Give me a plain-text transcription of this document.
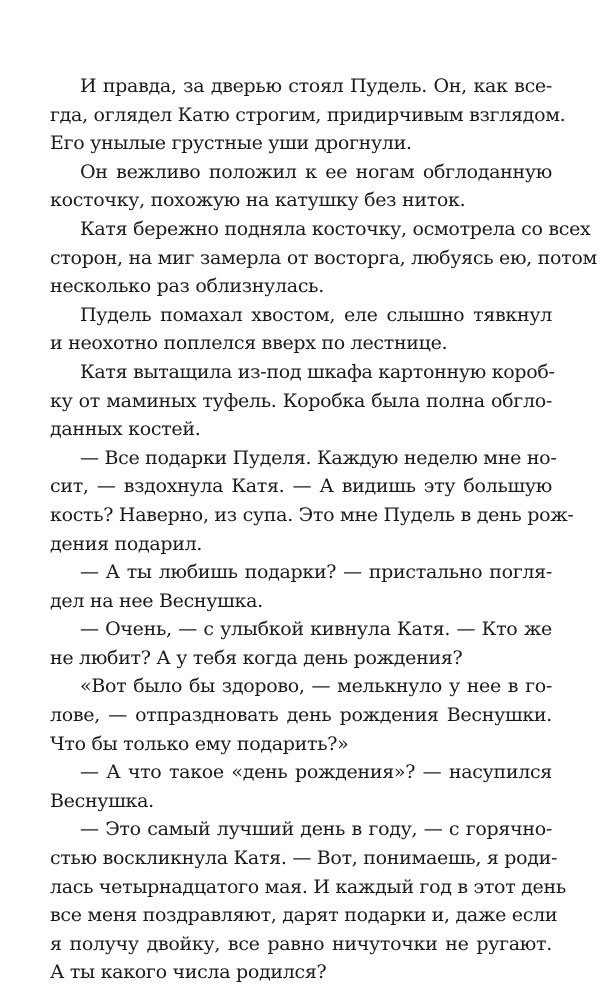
И правда, за дверью стоял Пудель. Он, как все-
гда, оглядел Катю строгим, придирчивым взглядом.
Его унылые грустные уши дрогнули.
Он вежливо положил к ее ногам обглоданную
косточку, похожую на катушку без ниток.
Катя бережно подняла косточку, осмотрела со всех
сторон, на миг замерла от восторга, любуясь ею, потом
несколько раз облизнулась.
Пудель помахал хвостом, еле слышно тявкнул
и неохотно поплелся вверх по лестнице.
Катя вытащила из-под шкафа картонную короб-
ку от маминых туфель. Коробка была полна обгло-
данных костей.
— Все подарки Пуделя. Каждую неделю мне но-
сит, — вздохнула Катя. — А видишь эту большую
кость? Наверно, из супа. Это мне Пудель в день рож-
дения подарил.
— А ты любишь подарки? — пристально погля-
дел на нее Веснушка.
— Очень, — с улыбкой кивнула Катя. — Кто же
не любит? А у тебя когда день рождения?
«Вот было бы здорово, — мелькнуло у нее в го-
лове, — отпраздновать день рождения Веснушки.
Что бы только ему подарить?»
— А что такое «день рождения»? — насупился
Веснушка.
— Это самый лучший день в году, — с горячно-
стью воскликнула Катя. — Вот, понимаешь, я роди-
лась четырнадцатого мая. И каждый год в этот день
все меня поздравляют, дарят подарки и, даже если
я получу двойку, все равно ничуточки не ругают.
А ты какого числа родился?
